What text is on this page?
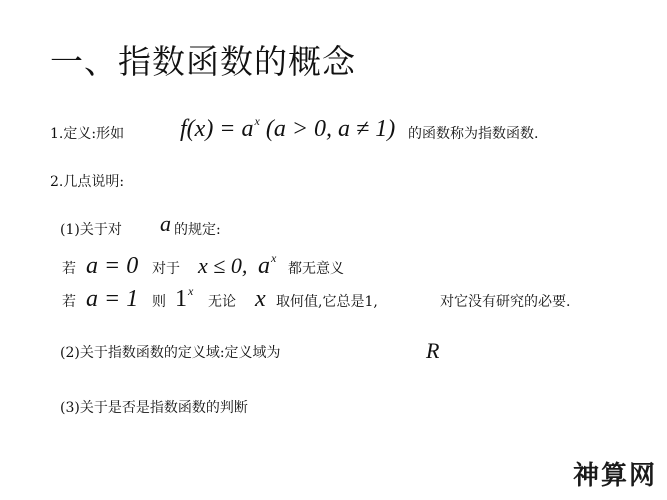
一、指数函数的概念
1.定义:形如 $f(x) = a^x$ (a > 0, a ≠ 1) 的函数称为指数函数.
2.几点说明:
(1)关于对 a 的规定:
若 a = 0 对于 x ≤ 0, $a^x$
都无意义
若 a = 1 则 1$^x$
无论 x 取何值,它总是1,	对它没有研究的必要.
(2)关于指数函数的定义域:定义域为	R
(3)关于是否是指数函数的判断
神算网
